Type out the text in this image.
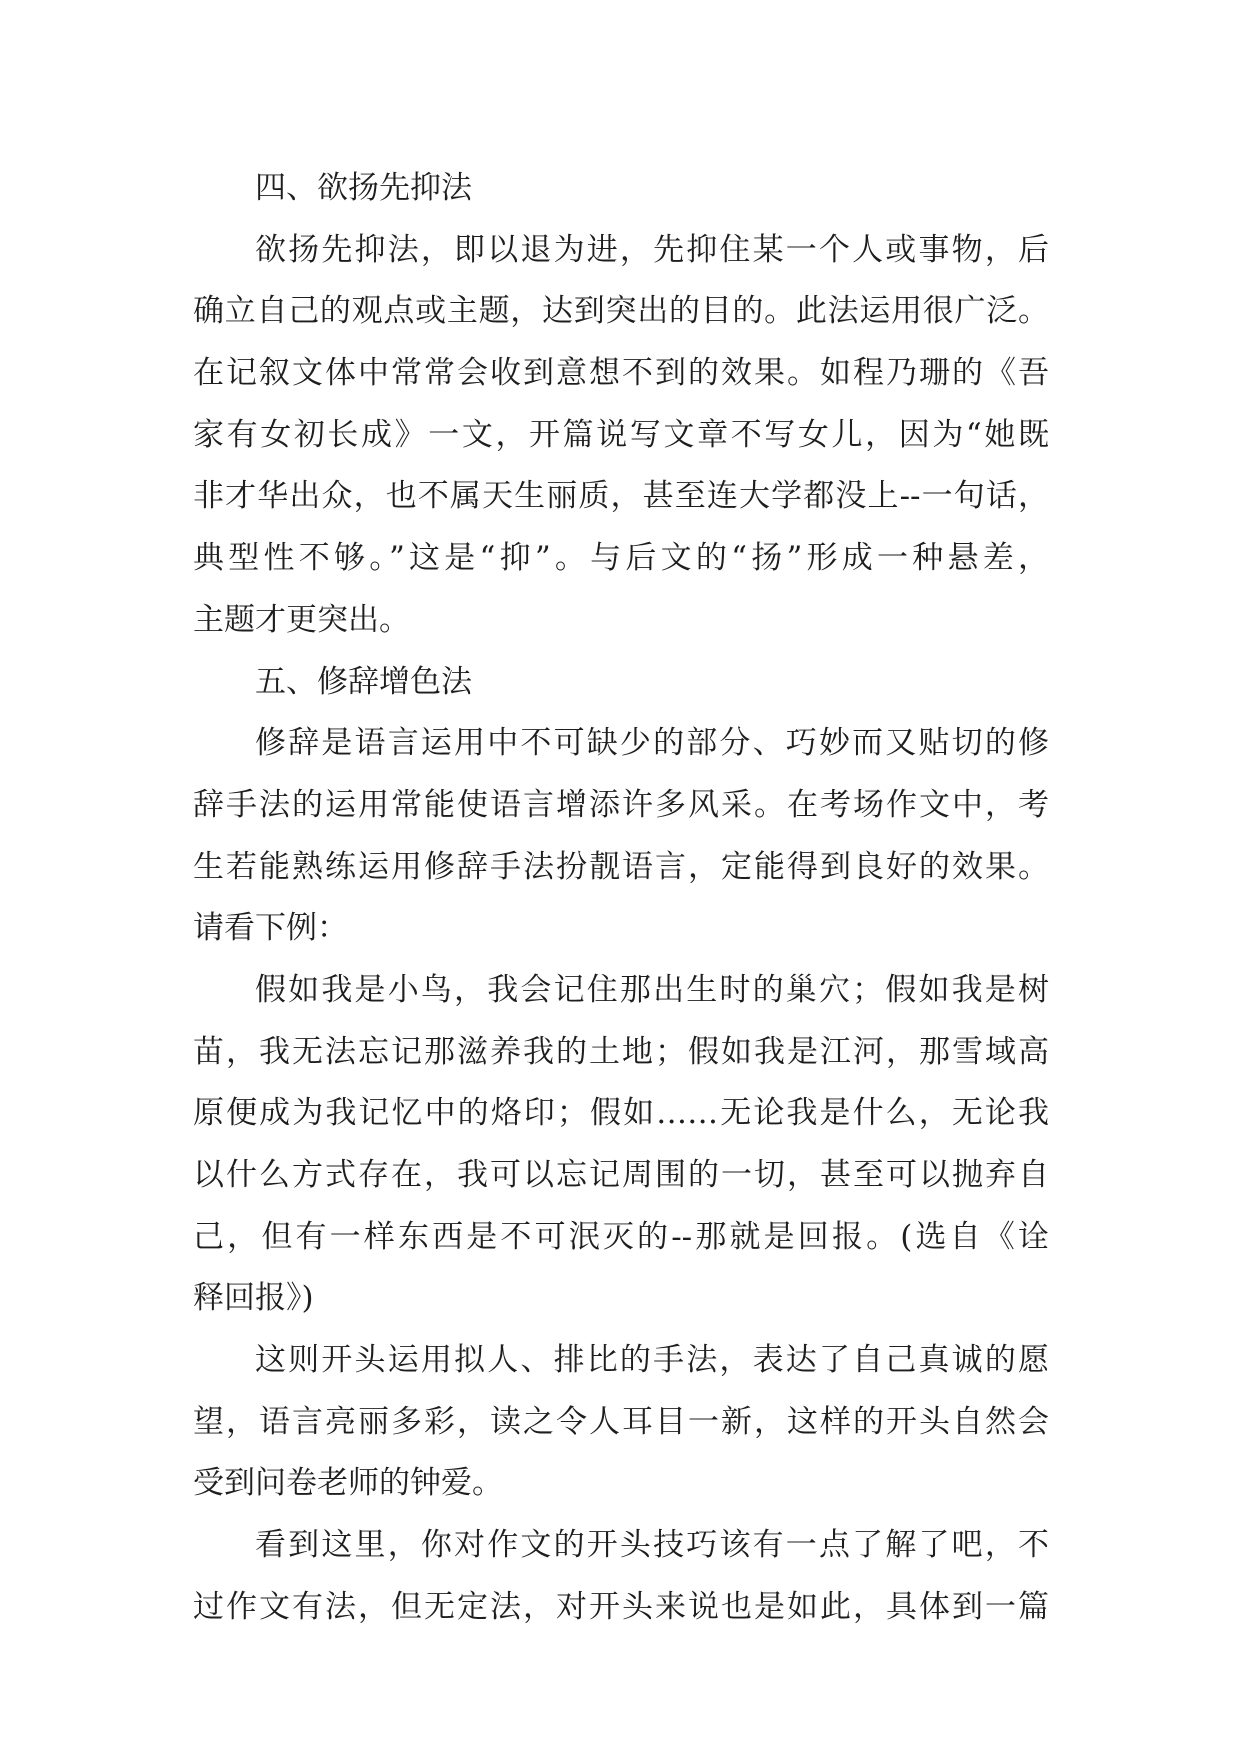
四、欲扬先抑法
欲扬先抑法，即以退为进，先抑住某一个人或事物，后
确立自己的观点或主题，达到突出的目的。此法运用很广泛。
在记叙文体中常常会收到意想不到的效果。如程乃珊的《吾
家有女初长成》一文，开篇说写文章不写女儿，因为“她既
非才华出众，也不属天生丽质，甚至连大学都没上--一句话，
典型性不够。”这是“抑”。与后文的“扬”形成一种悬差，
主题才更突出。
五、修辞增色法
修辞是语言运用中不可缺少的部分、巧妙而又贴切的修
辞手法的运用常能使语言增添许多风采。在考场作文中，考
生若能熟练运用修辞手法扮靓语言，定能得到良好的效果。
请看下例：
假如我是小鸟，我会记住那出生时的巢穴；假如我是树
苗，我无法忘记那滋养我的土地；假如我是江河，那雪域高
原便成为我记忆中的烙印；假如……无论我是什么，无论我
以什么方式存在，我可以忘记周围的一切，甚至可以抛弃自
己，但有一样东西是不可泯灭的--那就是回报。(选自《诠
释回报》)
这则开头运用拟人、排比的手法，表达了自己真诚的愿
望，语言亮丽多彩，读之令人耳目一新，这样的开头自然会
受到问卷老师的钟爱。
看到这里，你对作文的开头技巧该有一点了解了吧，不
过作文有法，但无定法，对开头来说也是如此，具体到一篇
